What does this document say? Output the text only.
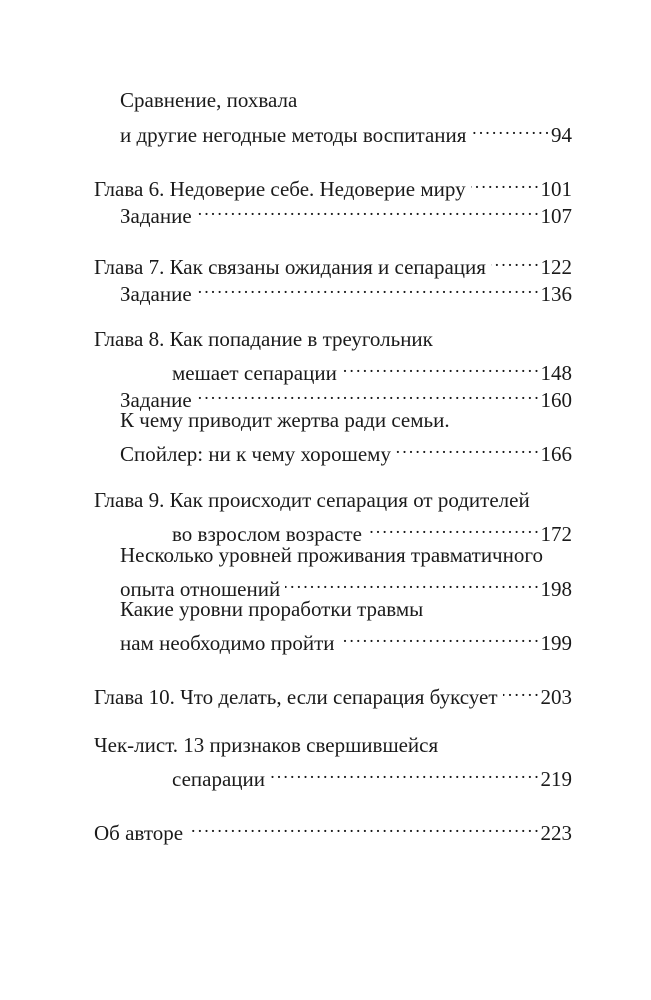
Сравнение, похвала
и другие негодные методы воспитания . . .	94
Глава 6. Недоверие себе. Недоверие миру . . .	101
Задание . . .	107
Глава 7. Как связаны ожидания и сепарация . . .	122
Задание . . .	136
Глава 8. Как попадание в треугольник
мешает сепарации . . .	148
Задание . . .	160
К чему приводит жертва ради семьи.
Спойлер: ни к чему хорошему . . .	166
Глава 9. Как происходит сепарация от родителей
во взрослом возрасте . . .	172
Несколько уровней проживания травматичного
опыта отношений . . .	198
Какие уровни проработки травмы
нам необходимо пройти . . .	199
Глава 10. Что делать, если сепарация буксует . . . 203
Чек-лист. 13 признаков свершившейся
сепарации . . .	219
Об авторе . . .	223
